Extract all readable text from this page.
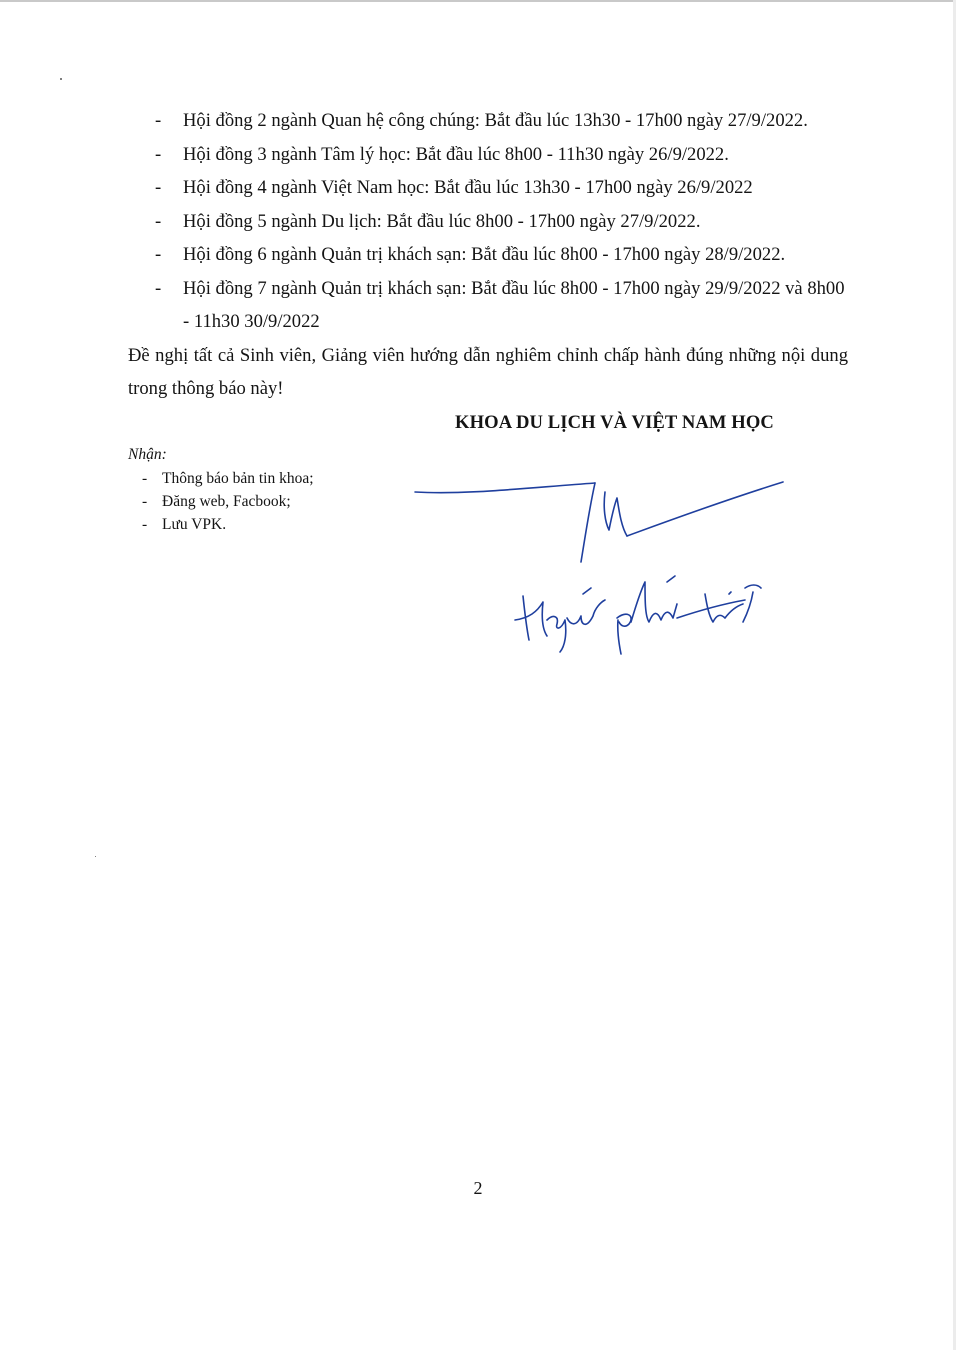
- Hội đồng 2 ngành Quan hệ công chúng: Bắt đầu lúc 13h30 - 17h00 ngày 27/9/2022.

- Hội đồng 3 ngành Tâm lý học: Bắt đầu lúc 8h00 - 11h30 ngày 26/9/2022.

- Hội đồng 4 ngành Việt Nam học: Bắt đầu lúc 13h30 - 17h00 ngày 26/9/2022

- Hội đồng 5 ngành Du lịch: Bắt đầu lúc 8h00 - 17h00 ngày 27/9/2022.

- Hội đồng 6 ngành Quản trị khách sạn: Bắt đầu lúc 8h00 - 17h00 ngày 28/9/2022.

- Hội đồng 7 ngành Quản trị khách sạn: Bắt đầu lúc 8h00 - 17h00 ngày 29/9/2022 và 8h00 - 11h30 30/9/2022

Đề nghị tất cả Sinh viên, Giảng viên hướng dẫn nghiêm chỉnh chấp hành đúng những nội dung trong thông báo này!

KHOA DU LỊCH VÀ VIỆT NAM HỌC
Nhận:
- Thông báo bản tin khoa;
- Đăng web, Facbook;
- Lưu VPK.
2
